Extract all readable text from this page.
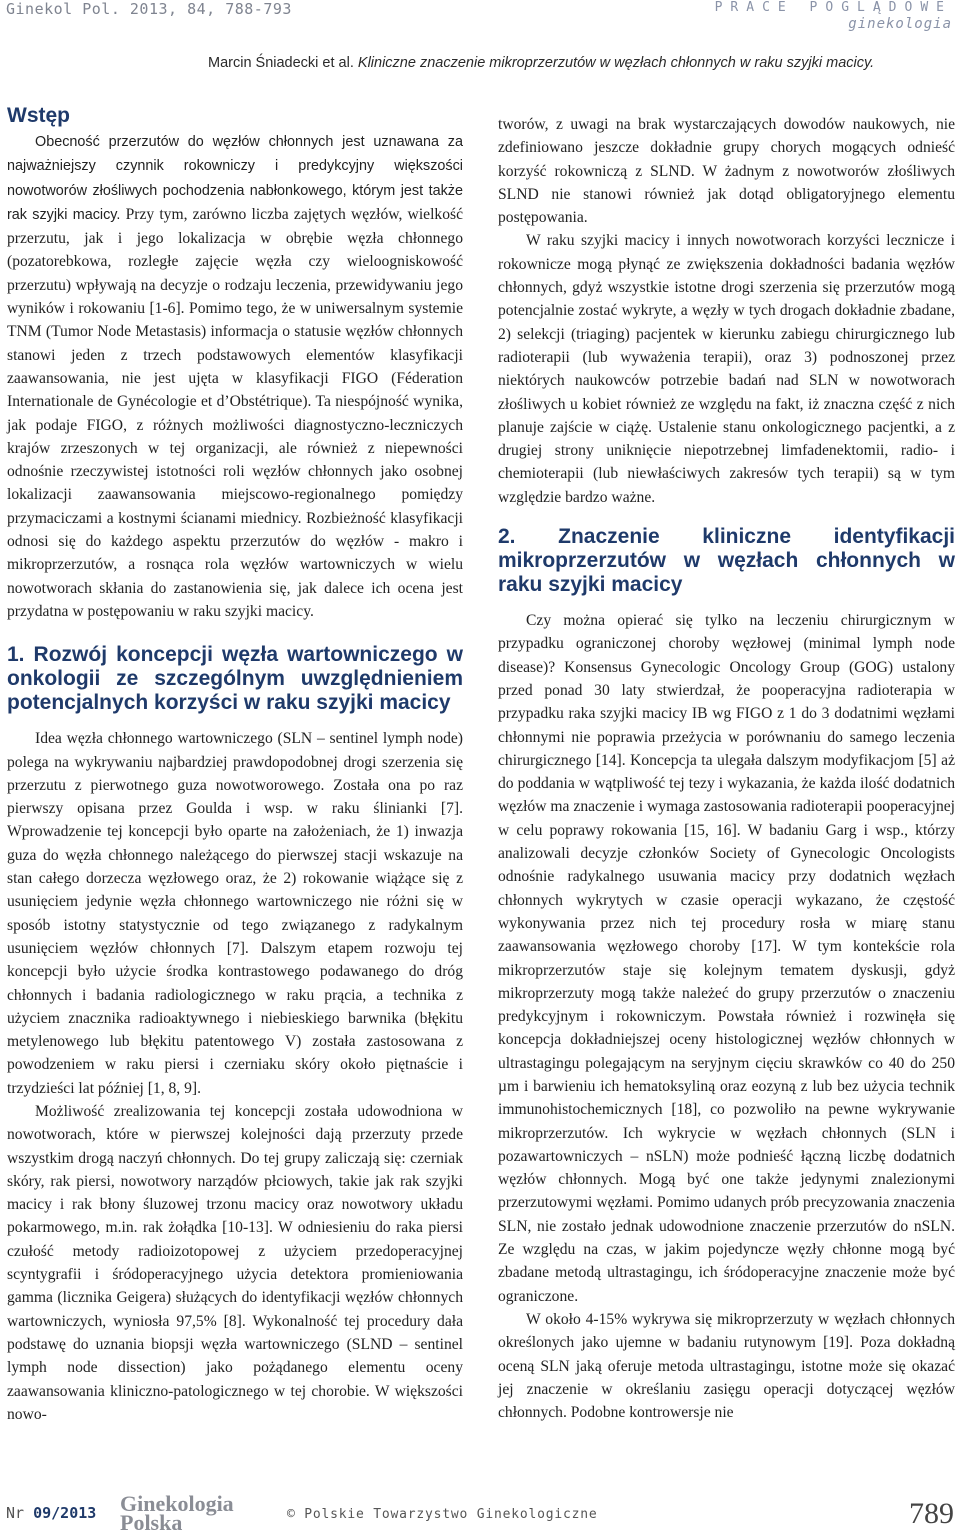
Ginekol Pol. 2013, 84, 788-793	PRACE POGLĄDOWE
ginekologia
Marcin Śniadecki et al. Kliniczne znaczenie mikroprzerzutów w węzłach chłonnych w raku szyjki macicy.
Wstęp

Obecność przerzutów do węzłów chłonnych jest uznawana za najważniejszy czynnik rokowniczy i predykcyjny większości nowotworów złośliwych pochodzenia nabłonkowego, którym jest także rak szyjki macicy. Przy tym, zarówno liczba zajętych węzłów, wielkość przerzutu, jak i jego lokalizacja w obrębie węzła chłonnego (pozatorebkowa, rozległe zajęcie węzła czy wieloogniskowość przerzutu) wpływają na decyzje o rodzaju leczenia, przewidywaniu jego wyników i rokowaniu [1-6]. Pomimo tego, że w uniwersalnym systemie TNM (Tumor Node Metastasis) informacja o statusie węzłów chłonnych stanowi jeden z trzech podstawowych elementów klasyfikacji zaawansowania, nie jest ujęta w klasyfikacji FIGO (Féderation Internationale de Gynécologie et d’Obstétrique). Ta niespójność wynika, jak podaje FIGO, z różnych możliwości diagnostyczno-leczniczych krajów zrzeszonych w tej organizacji, ale również z niepewności odnośnie rzeczywistej istotności roli węzłów chłonnych jako osobnej lokalizacji zaawansowania miejscowo-regionalnego pomiędzy przymaciczami a kostnymi ścianami miednicy. Rozbieżność klasyfikacji odnosi się do każdego aspektu przerzutów do węzłów - makro i mikroprzerzutów, a rosnąca rola węzłów wartowniczych w wielu nowotworach skłania do zastanowienia się, jak dalece ich ocena jest przydatna w postępowaniu w raku szyjki macicy.

1. Rozwój koncepcji węzła wartowniczego w onkologii ze szczególnym uwzględnieniem potencjalnych korzyści w raku szyjki macicy

Idea węzła chłonnego wartowniczego (SLN – sentinel lymph node) polega na wykrywaniu najbardziej prawdopodobnej drogi szerzenia się przerzutu z pierwotnego guza nowotworowego. Została ona po raz pierwszy opisana przez Goulda i wsp. w raku ślinianki [7]. Wprowadzenie tej koncepcji było oparte na założeniach, że 1) inwazja guza do węzła chłonnego należącego do pierwszej stacji wskazuje na stan całego dorzecza węzłowego oraz, że 2) rokowanie wiążące się z usunięciem jedynie węzła chłonnego wartowniczego nie różni się w sposób istotny statystycznie od tego związanego z radykalnym usunięciem węzłów chłonnych [7]. Dalszym etapem rozwoju tej koncepcji było użycie środka kontrastowego podawanego do dróg chłonnych i badania radiologicznego w raku prącia, a technika z użyciem znacznika radioaktywnego i niebieskiego barwnika (błękitu metylenowego lub błękitu patentowego V) została zastosowana z powodzeniem w raku piersi i czerniaku skóry około piętnaście i trzydzieści lat później [1, 8, 9].

Możliwość zrealizowania tej koncepcji została udowodniona w nowotworach, które w pierwszej kolejności dają przerzuty przede wszystkim drogą naczyń chłonnych. Do tej grupy zaliczają się: czerniak skóry, rak piersi, nowotwory narządów płciowych, takie jak rak szyjki macicy i rak błony śluzowej trzonu macicy oraz nowotwory układu pokarmowego, m.in. rak żołądka [10-13]. W odniesieniu do raka piersi czułość metody radioizotopowej z użyciem przedoperacyjnej scyntygrafii i śródoperacyjnego użycia detektora promieniowania gamma (licznika Geigera) służących do identyfikacji węzłów chłonnych wartowniczych, wyniosła 97,5% [8]. Wykonalność tej procedury dała podstawę do uznania biopsji węzła wartowniczego (SLND – sentinel lymph node dissection) jako pożądanego elementu oceny zaawansowania kliniczno-patologicznego w tej chorobie. W większości nowo-

tworów, z uwagi na brak wystarczających dowodów naukowych, nie zdefiniowano jeszcze dokładnie grupy chorych mogących odnieść korzyść rokowniczą z SLND. W żadnym z nowotworów złośliwych SLND nie stanowi również jak dotąd obligatoryjnego elementu postępowania.

W raku szyjki macicy i innych nowotworach korzyści lecznicze i rokownicze mogą płynąć ze zwiększenia dokładności badania węzłów chłonnych, gdyż wszystkie istotne drogi szerzenia się przerzutów mogą potencjalnie zostać wykryte, a węzły w tych drogach dokładnie zbadane, 2) selekcji (triaging) pacjentek w kierunku zabiegu chirurgicznego lub radioterapii (lub wyważenia terapii), oraz 3) podnoszonej przez niektórych naukowców potrzebie badań nad SLN w nowotworach złośliwych u kobiet również ze względu na fakt, iż znaczna część z nich planuje zajście w ciążę. Ustalenie stanu onkologicznego pacjentki, a z drugiej strony uniknięcie niepotrzebnej limfadenektomii, radio- i chemioterapii (lub niewłaściwych zakresów tych terapii) są w tym względzie bardzo ważne.

2. Znaczenie kliniczne identyfikacji mikroprzerzutów w węzłach chłonnych w raku szyjki macicy

Czy można opierać się tylko na leczeniu chirurgicznym w przypadku ograniczonej choroby węzłowej (minimal lymph node disease)? Konsensus Gynecologic Oncology Group (GOG) ustalony przed ponad 30 laty stwierdzał, że pooperacyjna radioterapia w przypadku raka szyjki macicy IB wg FIGO z 1 do 3 dodatnimi węzłami chłonnymi nie poprawia przeżycia w porównaniu do samego leczenia chirurgicznego [14]. Koncepcja ta ulegała dalszym modyfikacjom [5] aż do poddania w wątpliwość tej tezy i wykazania, że każda ilość dodatnich węzłów ma znaczenie i wymaga zastosowania radioterapii pooperacyjnej w celu poprawy rokowania [15, 16]. W badaniu Garg i wsp., którzy analizowali decyzje członków Society of Gynecologic Oncologists odnośnie radykalnego usuwania macicy przy dodatnich węzłach chłonnych wykrytych w czasie operacji wykazano, że częstość wykonywania przez nich tej procedury rosła w miarę stanu zaawansowania węzłowego choroby [17]. W tym kontekście rola mikroprzerzutów staje się kolejnym tematem dyskusji, gdyż mikroprzerzuty mogą także należeć do grupy przerzutów o znaczeniu predykcyjnym i rokowniczym. Powstała również i rozwinęła się koncepcja dokładniejszej oceny histologicznej węzłów chłonnych w ultrastagingu polegającym na seryjnym cięciu skrawków co 40 do 250 µm i barwieniu ich hematoksyliną oraz eozyną z lub bez użycia technik immunohistochemicznych [18], co pozwoliło na pewne wykrywanie mikroprzerzutów. Ich wykrycie w węzłach chłonnych (SLN i pozawartowniczych – nSLN) może podnieść łączną liczbę dodatnich węzłów chłonnych. Mogą być one także jedynymi znalezionymi przerzutowymi węzłami. Pomimo udanych prób precyzowania znaczenia SLN, nie zostało jednak udowodnione znaczenie przerzutów do nSLN. Ze względu na czas, w jakim pojedyncze węzły chłonne mogą być zbadane metodą ultrastagingu, ich śródoperacyjne znaczenie może być ograniczone.

W około 4-15% wykrywa się mikroprzerzuty w węzłach chłonnych określonych jako ujemne w badaniu rutynowym [19]. Poza dokładną oceną SLN jaką oferuje metoda ultrastagingu, istotne może się okazać jej znaczenie w określaniu zasięgu operacji dotyczącej węzłów chłonnych. Podobne kontrowersje nie

Nr 09/2013 Ginekologia
Polska	© Polskie Towarzystwo Ginekologiczne	789
